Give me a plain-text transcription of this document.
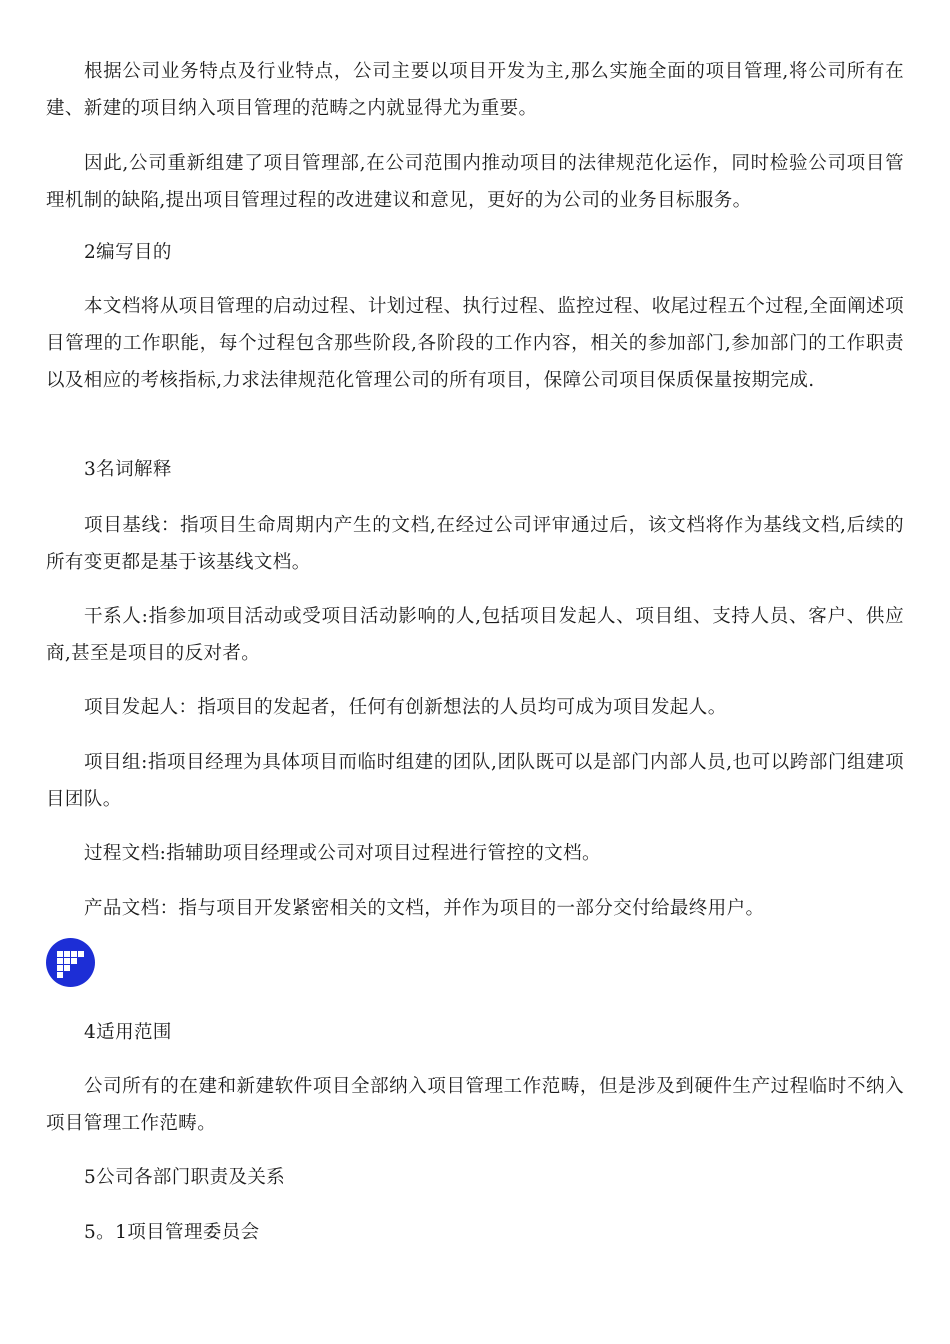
根据公司业务特点及行业特点，公司主要以项目开发为主,那么实施全面的项目管理,将公司所有在建、新建的项目纳入项目管理的范畴之内就显得尤为重要。

因此,公司重新组建了项目管理部,在公司范围内推动项目的法律规范化运作，同时检验公司项目管理机制的缺陷,提出项目管理过程的改进建议和意见，更好的为公司的业务目标服务。

2编写目的

本文档将从项目管理的启动过程、计划过程、执行过程、监控过程、收尾过程五个过程,全面阐述项目管理的工作职能，每个过程包含那些阶段,各阶段的工作内容，相关的参加部门,参加部门的工作职责以及相应的考核指标,力求法律规范化管理公司的所有项目，保障公司项目保质保量按期完成.

3名词解释

项目基线：指项目生命周期内产生的文档,在经过公司评审通过后，该文档将作为基线文档,后续的所有变更都是基于该基线文档。

干系人:指参加项目活动或受项目活动影响的人,包括项目发起人、项目组、支持人员、客户、供应商,甚至是项目的反对者。

项目发起人：指项目的发起者，任何有创新想法的人员均可成为项目发起人。

项目组:指项目经理为具体项目而临时组建的团队,团队既可以是部门内部人员,也可以跨部门组建项目团队。

过程文档:指辅助项目经理或公司对项目过程进行管控的文档。

产品文档：指与项目开发紧密相关的文档，并作为项目的一部分交付给最终用户。

4适用范围

公司所有的在建和新建软件项目全部纳入项目管理工作范畴，但是涉及到硬件生产过程临时不纳入项目管理工作范畴。

5公司各部门职责及关系

5。1项目管理委员会
